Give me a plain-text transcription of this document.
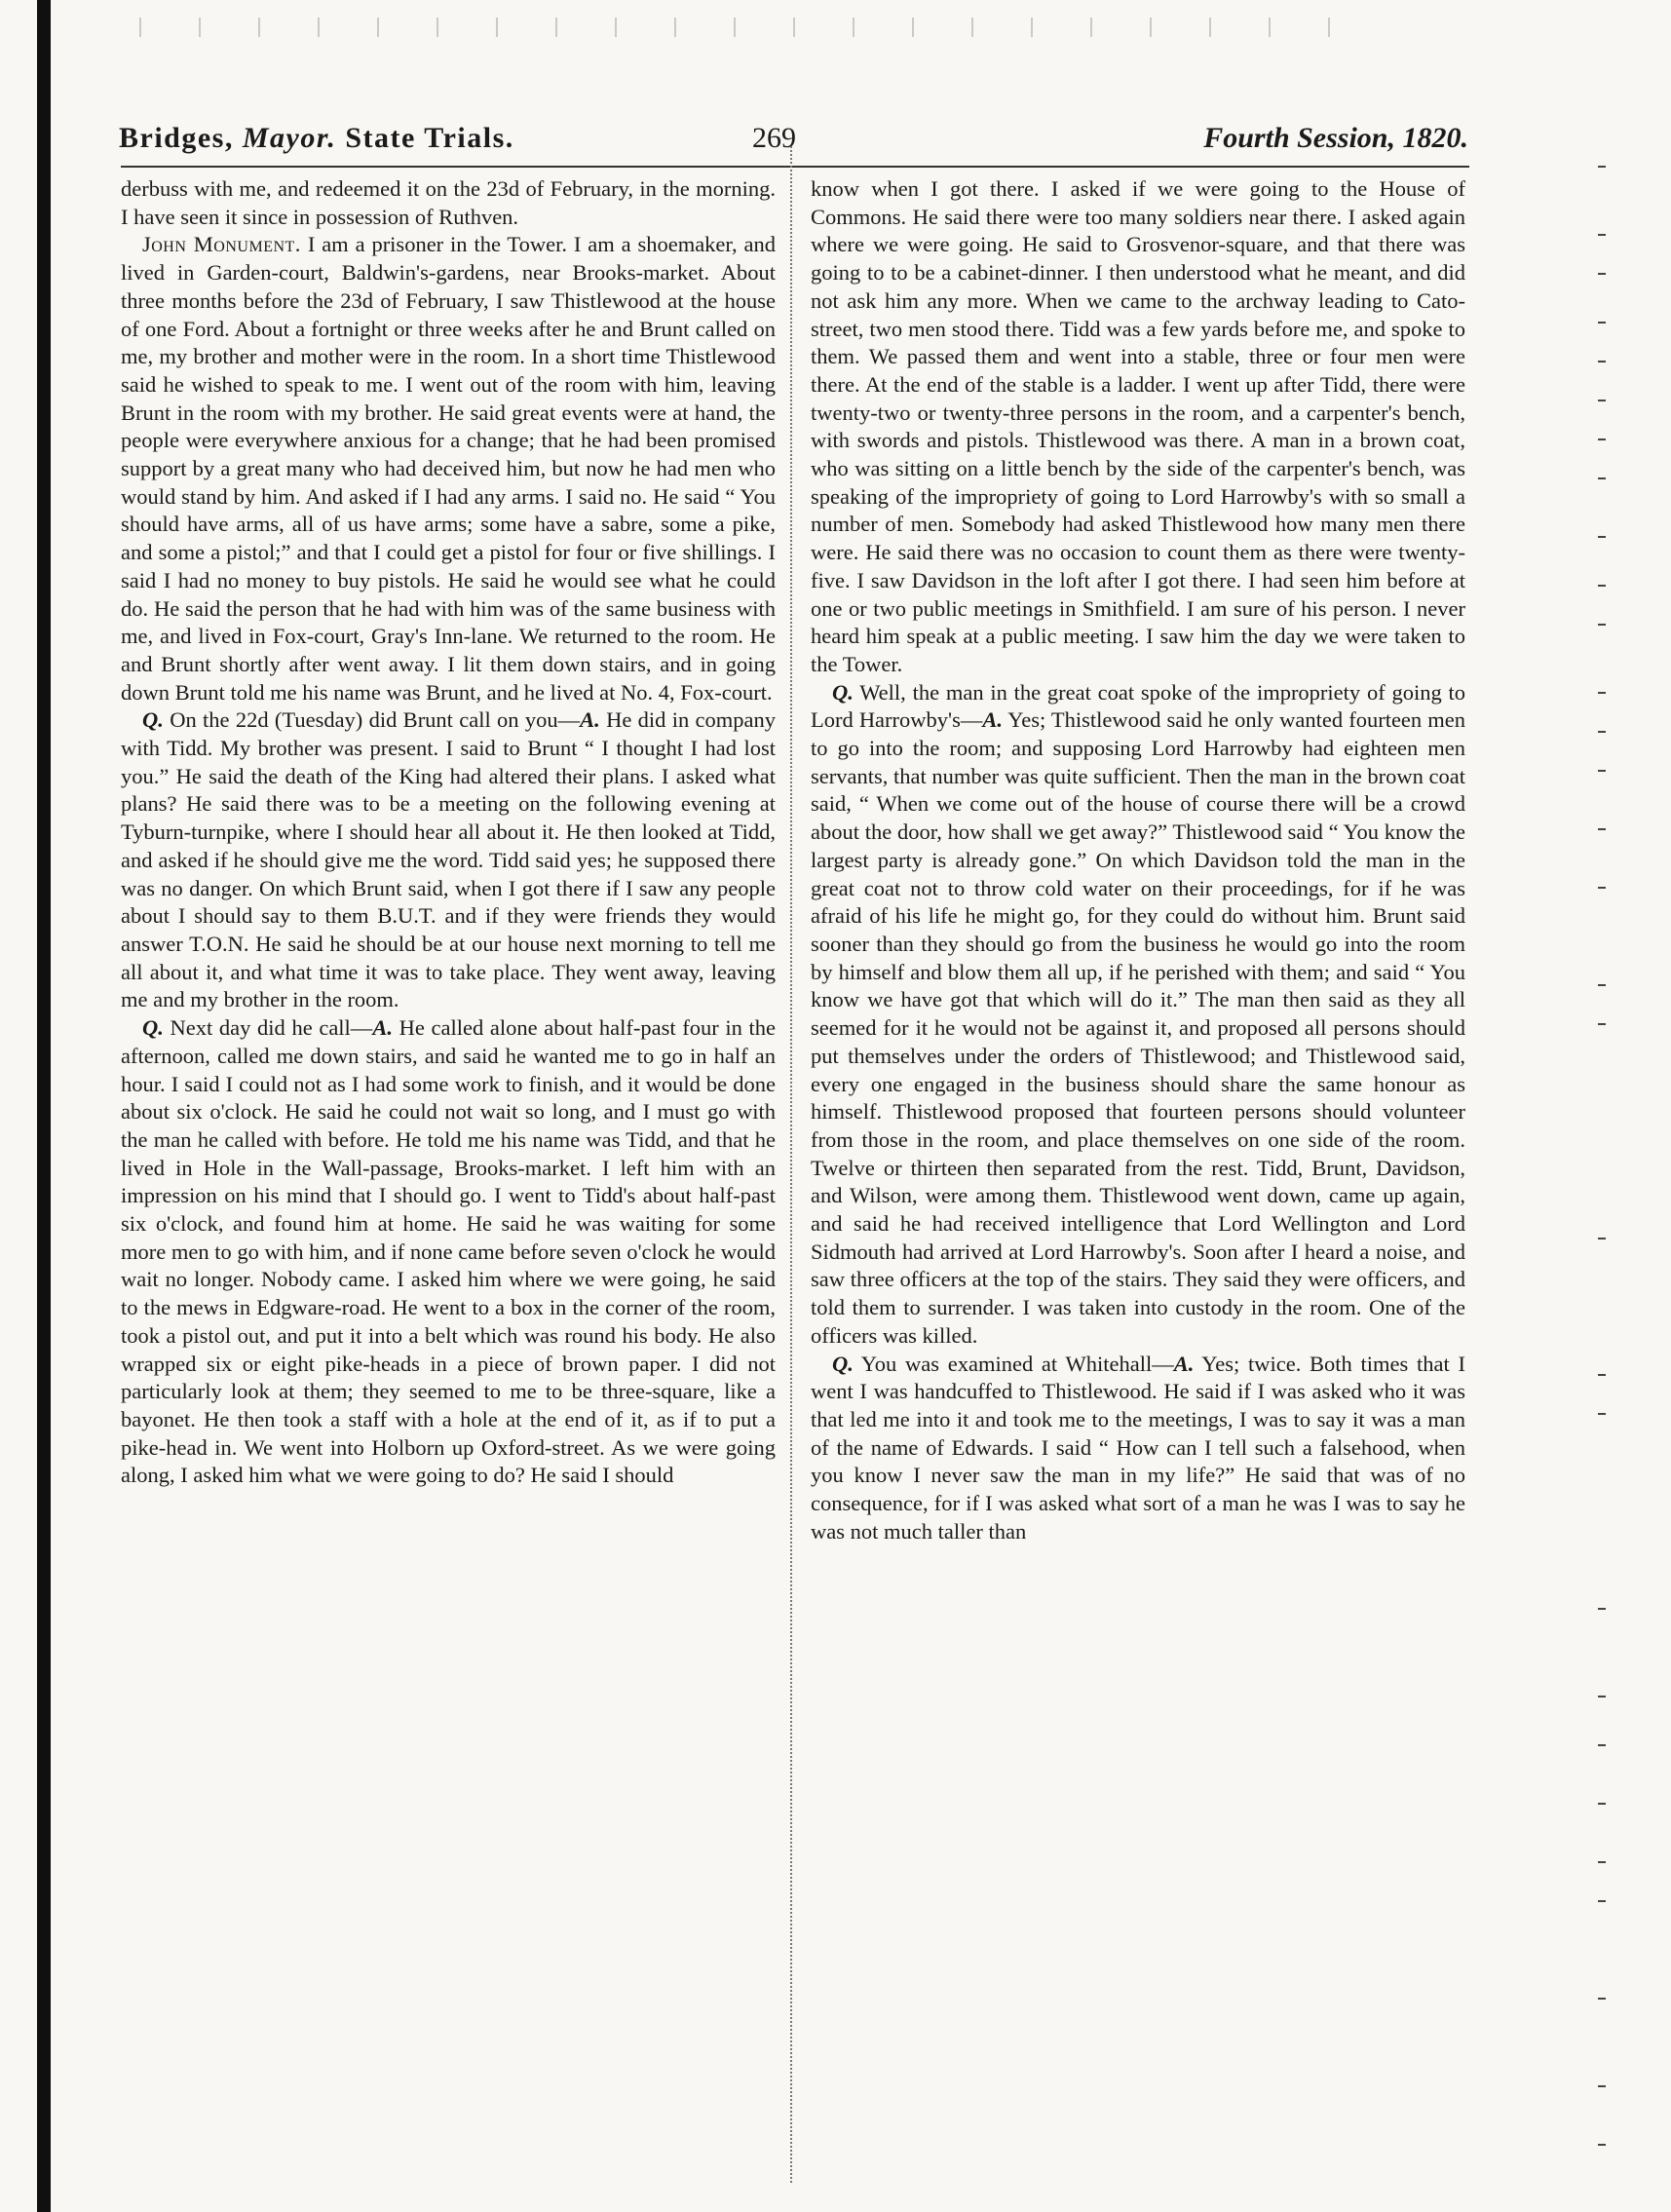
Bridges, Mayor. State Trials.	269	Fourth Session, 1820.

derbuss with me, and redeemed it on the 23d of February, in the morning. I have seen it since in possession of Ruthven.

John Monument. I am a prisoner in the Tower. I am a shoemaker, and lived in Garden-court, Baldwin's-gardens, near Brooks-market. About three months before the 23d of February, I saw Thistlewood at the house of one Ford. About a fortnight or three weeks after he and Brunt called on me, my brother and mother were in the room. In a short time Thistlewood said he wished to speak to me. I went out of the room with him, leaving Brunt in the room with my brother. He said great events were at hand, the people were everywhere anxious for a change; that he had been promised support by a great many who had deceived him, but now he had men who would stand by him. And asked if I had any arms. I said no. He said “ You should have arms, all of us have arms; some have a sabre, some a pike, and some a pistol;” and that I could get a pistol for four or five shillings. I said I had no money to buy pistols. He said he would see what he could do. He said the person that he had with him was of the same business with me, and lived in Fox-court, Gray's Inn-lane. We returned to the room. He and Brunt shortly after went away. I lit them down stairs, and in going down Brunt told me his name was Brunt, and he lived at No. 4, Fox-court.

Q. On the 22d (Tuesday) did Brunt call on you—A. He did in company with Tidd. My brother was present. I said to Brunt “ I thought I had lost you.” He said the death of the King had altered their plans. I asked what plans? He said there was to be a meeting on the following evening at Tyburn-turnpike, where I should hear all about it. He then looked at Tidd, and asked if he should give me the word. Tidd said yes; he supposed there was no danger. On which Brunt said, when I got there if I saw any people about I should say to them B.U.T. and if they were friends they would answer T.O.N. He said he should be at our house next morning to tell me all about it, and what time it was to take place. They went away, leaving me and my brother in the room.

Q. Next day did he call—A. He called alone about half-past four in the afternoon, called me down stairs, and said he wanted me to go in half an hour. I said I could not as I had some work to finish, and it would be done about six o'clock. He said he could not wait so long, and I must go with the man he called with before. He told me his name was Tidd, and that he lived in Hole in the Wall-passage, Brooks-market. I left him with an impression on his mind that I should go. I went to Tidd's about half-past six o'clock, and found him at home. He said he was waiting for some more men to go with him, and if none came before seven o'clock he would wait no longer. Nobody came. I asked him where we were going, he said to the mews in Edgware-road. He went to a box in the corner of the room, took a pistol out, and put it into a belt which was round his body. He also wrapped six or eight pike-heads in a piece of brown paper. I did not particularly look at them; they seemed to me to be three-square, like a bayonet. He then took a staff with a hole at the end of it, as if to put a pike-head in. We went into Holborn up Oxford-street. As we were going along, I asked him what we were going to do? He said I should

know when I got there. I asked if we were going to the House of Commons. He said there were too many soldiers near there. I asked again where we were going. He said to Grosvenor-square, and that there was going to to be a cabinet-dinner. I then understood what he meant, and did not ask him any more. When we came to the archway leading to Cato-street, two men stood there. Tidd was a few yards before me, and spoke to them. We passed them and went into a stable, three or four men were there. At the end of the stable is a ladder. I went up after Tidd, there were twenty-two or twenty-three persons in the room, and a carpenter's bench, with swords and pistols. Thistlewood was there. A man in a brown coat, who was sitting on a little bench by the side of the carpenter's bench, was speaking of the impropriety of going to Lord Harrowby's with so small a number of men. Somebody had asked Thistlewood how many men there were. He said there was no occasion to count them as there were twenty-five. I saw Davidson in the loft after I got there. I had seen him before at one or two public meetings in Smithfield. I am sure of his person. I never heard him speak at a public meeting. I saw him the day we were taken to the Tower.

Q. Well, the man in the great coat spoke of the impropriety of going to Lord Harrowby's—A. Yes; Thistlewood said he only wanted fourteen men to go into the room; and supposing Lord Harrowby had eighteen men servants, that number was quite sufficient. Then the man in the brown coat said, “ When we come out of the house of course there will be a crowd about the door, how shall we get away?” Thistlewood said “ You know the largest party is already gone.” On which Davidson told the man in the great coat not to throw cold water on their proceedings, for if he was afraid of his life he might go, for they could do without him. Brunt said sooner than they should go from the business he would go into the room by himself and blow them all up, if he perished with them; and said “ You know we have got that which will do it.” The man then said as they all seemed for it he would not be against it, and proposed all persons should put themselves under the orders of Thistlewood; and Thistlewood said, every one engaged in the business should share the same honour as himself. Thistlewood proposed that fourteen persons should volunteer from those in the room, and place themselves on one side of the room. Twelve or thirteen then separated from the rest. Tidd, Brunt, Davidson, and Wilson, were among them. Thistlewood went down, came up again, and said he had received intelligence that Lord Wellington and Lord Sidmouth had arrived at Lord Harrowby's. Soon after I heard a noise, and saw three officers at the top of the stairs. They said they were officers, and told them to surrender. I was taken into custody in the room. One of the officers was killed.

Q. You was examined at Whitehall—A. Yes; twice. Both times that I went I was handcuffed to Thistlewood. He said if I was asked who it was that led me into it and took me to the meetings, I was to say it was a man of the name of Edwards. I said “ How can I tell such a falsehood, when you know I never saw the man in my life?” He said that was of no consequence, for if I was asked what sort of a man he was I was to say he was not much taller than
